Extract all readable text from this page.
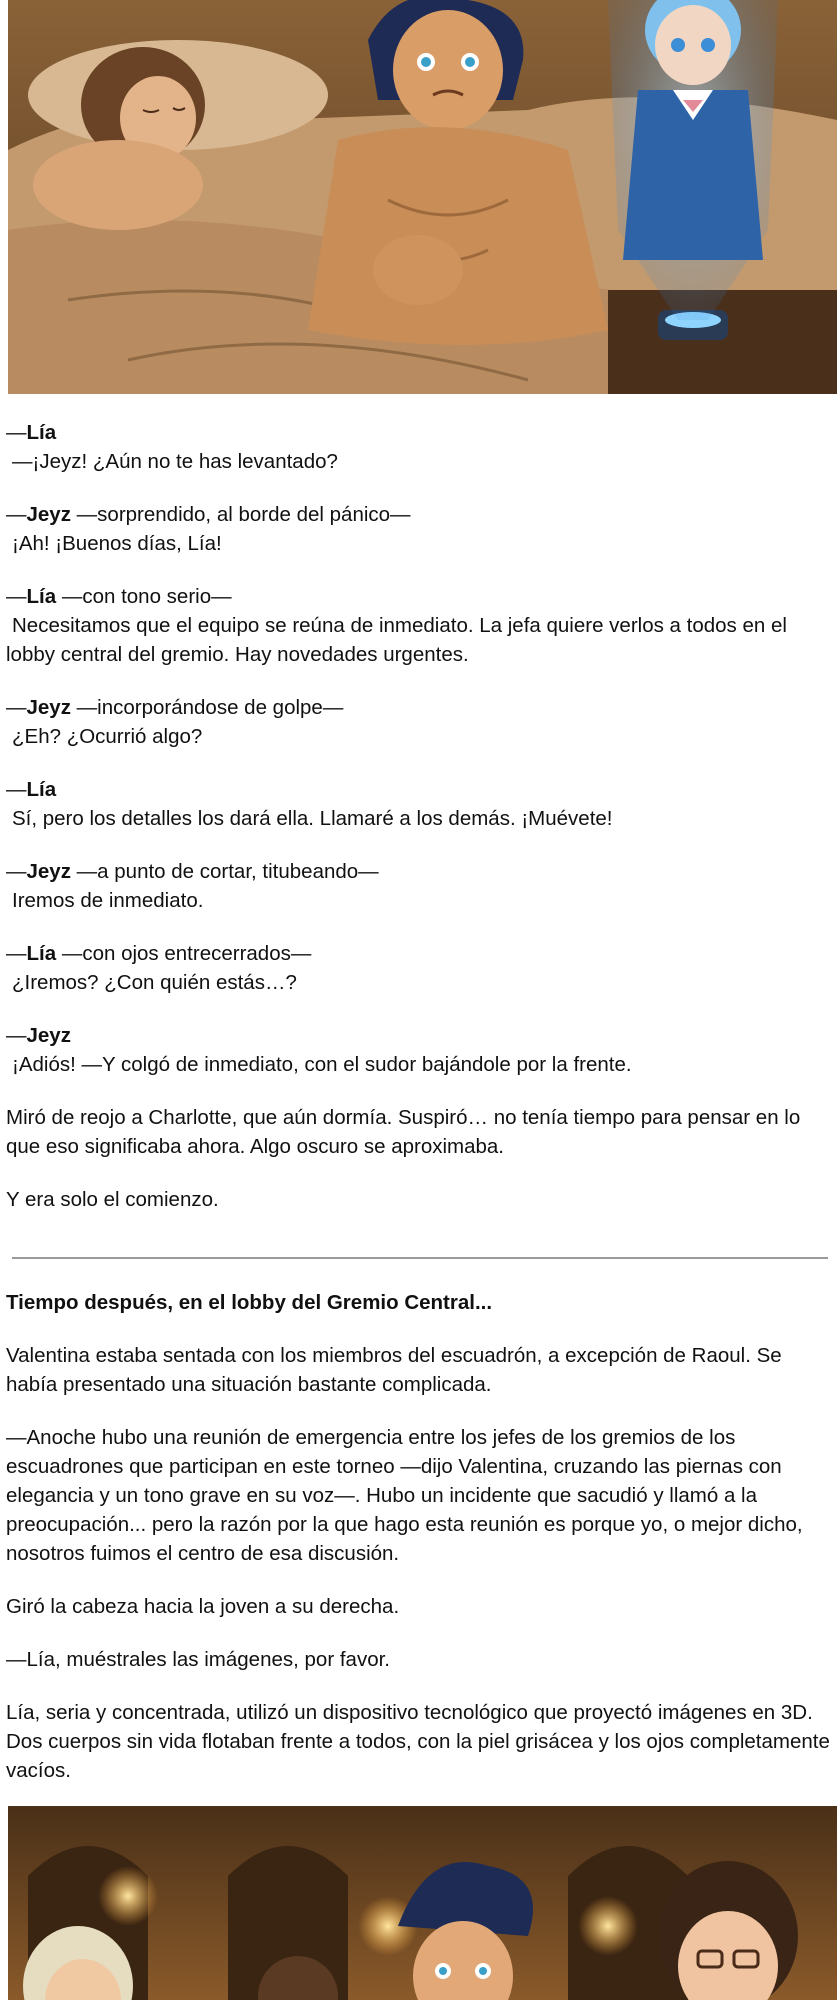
—Lía
—¡Jeyz! ¿Aún no te has levantado?

—Jeyz —sorprendido, al borde del pánico—
¡Ah! ¡Buenos días, Lía!

—Lía —con tono serio—
Necesitamos que el equipo se reúna de inmediato. La jefa quiere verlos a todos en el lobby central del gremio. Hay novedades urgentes.

—Jeyz —incorporándose de golpe—
¿Eh? ¿Ocurrió algo?

—Lía
Sí, pero los detalles los dará ella. Llamaré a los demás. ¡Muévete!

—Jeyz —a punto de cortar, titubeando—
Iremos de inmediato.

—Lía —con ojos entrecerrados—
¿Iremos? ¿Con quién estás…?

—Jeyz
¡Adiós! —Y colgó de inmediato, con el sudor bajándole por la frente.

Miró de reojo a Charlotte, que aún dormía. Suspiró… no tenía tiempo para pensar en lo que eso significaba ahora. Algo oscuro se aproximaba.

Y era solo el comienzo.

Tiempo después, en el lobby del Gremio Central...

Valentina estaba sentada con los miembros del escuadrón, a excepción de Raoul. Se había presentado una situación bastante complicada.

—Anoche hubo una reunión de emergencia entre los jefes de los gremios de los escuadrones que participan en este torneo —dijo Valentina, cruzando las piernas con elegancia y un tono grave en su voz—. Hubo un incidente que sacudió y llamó a la preocupación... pero la razón por la que hago esta reunión es porque yo, o mejor dicho, nosotros fuimos el centro de esa discusión.

Giró la cabeza hacia la joven a su derecha.

—Lía, muéstrales las imágenes, por favor.

Lía, seria y concentrada, utilizó un dispositivo tecnológico que proyectó imágenes en 3D. Dos cuerpos sin vida flotaban frente a todos, con la piel grisácea y los ojos completamente vacíos.
